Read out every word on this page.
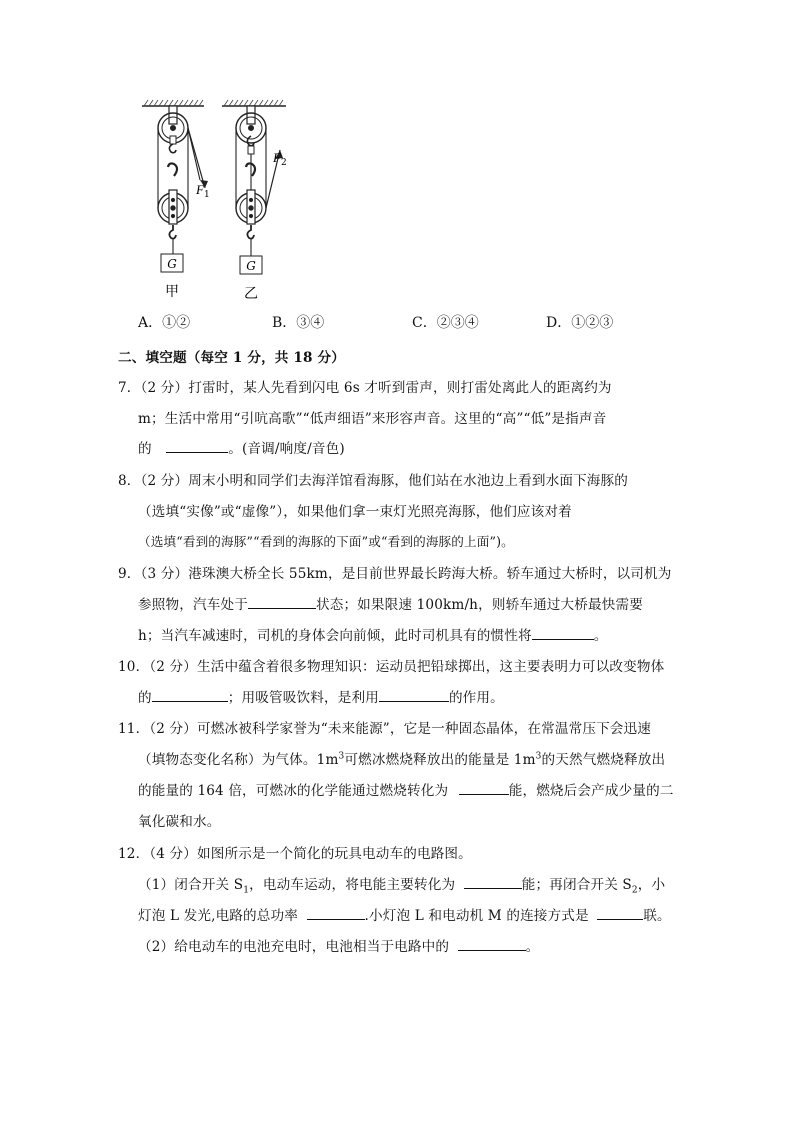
G
F 1
甲
G
F 2
乙
A．①②	B．③④	C．②③④	D．①②③
二、填空题（每空 1 分，共 18 分）
7．（2 分）打雷时，某人先看到闪电 6s 才听到雷声，则打雷处离此人的距离约为
m；生活中常用“引吭高歌”“低声细语”来形容声音。这里的“高”“低”是指声音
的	。(音调/响度/音色)
8．（2 分）周末小明和同学们去海洋馆看海豚，他们站在水池边上看到水面下海豚的
（选填“实像”或“虚像”），如果他们拿一束灯光照亮海豚，他们应该对着
（选填“看到的海豚”“看到的海豚的下面”或“看到的海豚的上面”)。
9．（3 分）港珠澳大桥全长 55km，是目前世界最长跨海大桥。轿车通过大桥时，以司机为
参照物，汽车处于	状态；如果限速 100km/h，则轿车通过大桥最快需要
h；当汽车减速时，司机的身体会向前倾，此时司机具有的惯性将	。
10．（2 分）生活中蕴含着很多物理知识：运动员把铅球掷出，这主要表明力可以改变物体
的	；用吸管吸饮料，是利用	的作用。
11．（2 分）可燃冰被科学家誉为“未来能源”，它是一种固态晶体，在常温常压下会迅速
（填物态变化名称）为气体。$1m^3$可燃冰燃烧释放出的能量是 $1m^3$的天然气燃烧释放出
的能量的 164 倍，可燃冰的化学能通过燃烧转化为	能，燃烧后会产成少量的二
氧化碳和水。
12．（4 分）如图所示是一个简化的玩具电动车的电路图。
（1）闭合开关 $S_1$，电动车运动，将电能主要转化为	能；再闭合开关 $S_2$，小
灯泡 L 发光,电路的总功率	.小灯泡 L 和电动机 M 的连接方式是	联。
（2）给电动车的电池充电时，电池相当于电路中的	。
